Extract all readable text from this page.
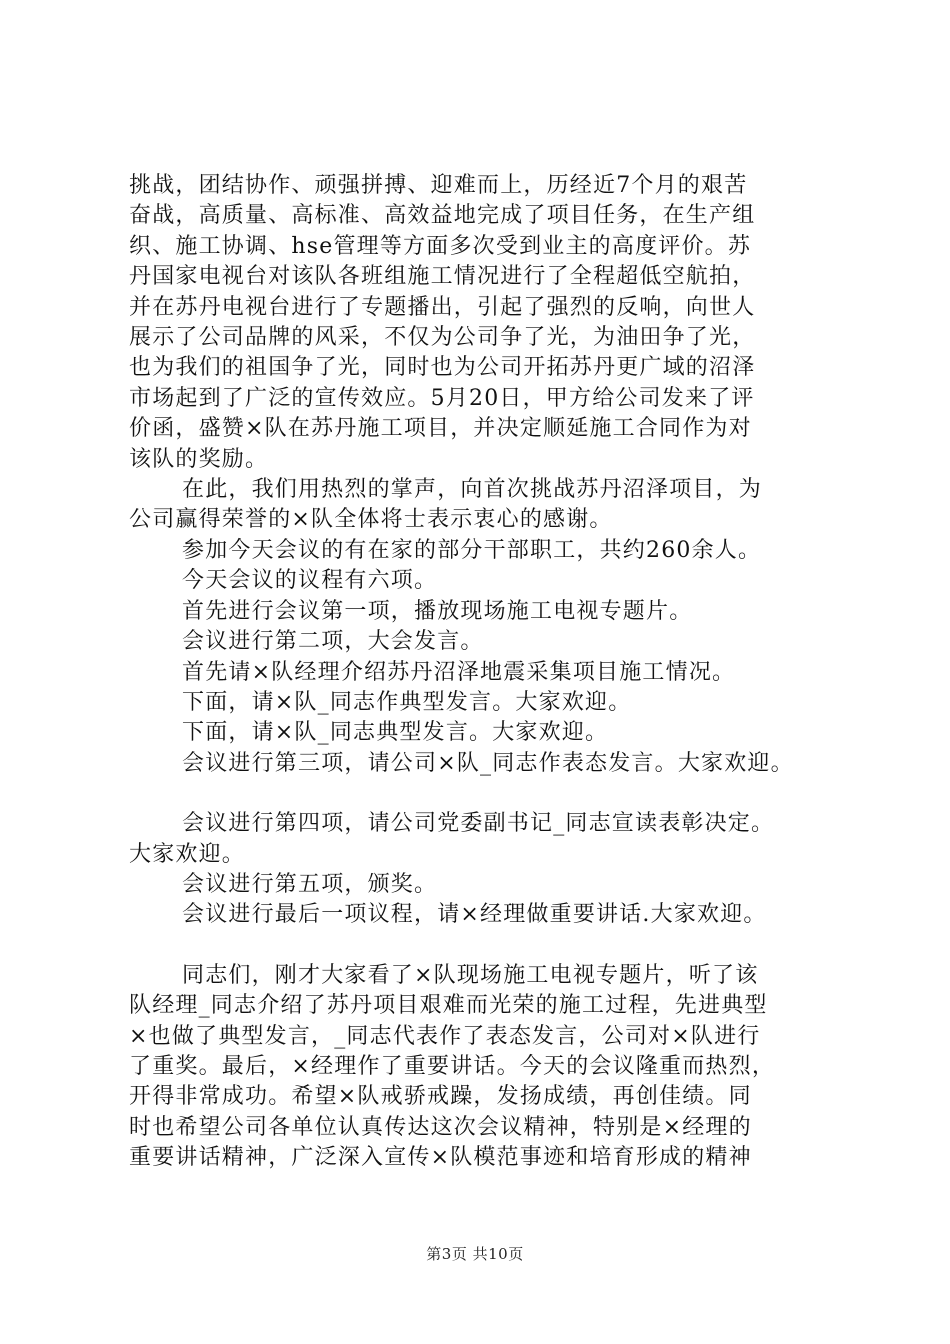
挑战，团结协作、顽强拼搏、迎难而上，历经近7个月的艰苦
奋战，高质量、高标准、高效益地完成了项目任务，在生产组
织、施工协调、hse管理等方面多次受到业主的高度评价。苏
丹国家电视台对该队各班组施工情况进行了全程超低空航拍，
并在苏丹电视台进行了专题播出，引起了强烈的反响，向世人
展示了公司品牌的风采，不仅为公司争了光，为油田争了光，
也为我们的祖国争了光，同时也为公司开拓苏丹更广域的沼泽
市场起到了广泛的宣传效应。5月20日，甲方给公司发来了评
价函，盛赞×队在苏丹施工项目，并决定顺延施工合同作为对
该队的奖励。
在此，我们用热烈的掌声，向首次挑战苏丹沼泽项目，为
公司赢得荣誉的×队全体将士表示衷心的感谢。
参加今天会议的有在家的部分干部职工，共约260余人。
今天会议的议程有六项。
首先进行会议第一项，播放现场施工电视专题片。
会议进行第二项，大会发言。
首先请×队经理介绍苏丹沼泽地震采集项目施工情况。
下面，请×队_同志作典型发言。大家欢迎。
下面，请×队_同志典型发言。大家欢迎。
会议进行第三项，请公司×队_同志作表态发言。大家欢迎。
会议进行第四项，请公司党委副书记_同志宣读表彰决定。
大家欢迎。
会议进行第五项，颁奖。
会议进行最后一项议程，请×经理做重要讲话.大家欢迎。
同志们，刚才大家看了×队现场施工电视专题片，听了该
队经理_同志介绍了苏丹项目艰难而光荣的施工过程，先进典型
×也做了典型发言，_同志代表作了表态发言，公司对×队进行
了重奖。最后，×经理作了重要讲话。今天的会议隆重而热烈，
开得非常成功。希望×队戒骄戒躁，发扬成绩，再创佳绩。同
时也希望公司各单位认真传达这次会议精神，特别是×经理的
重要讲话精神，广泛深入宣传×队模范事迹和培育形成的精神
第3页 共10页
